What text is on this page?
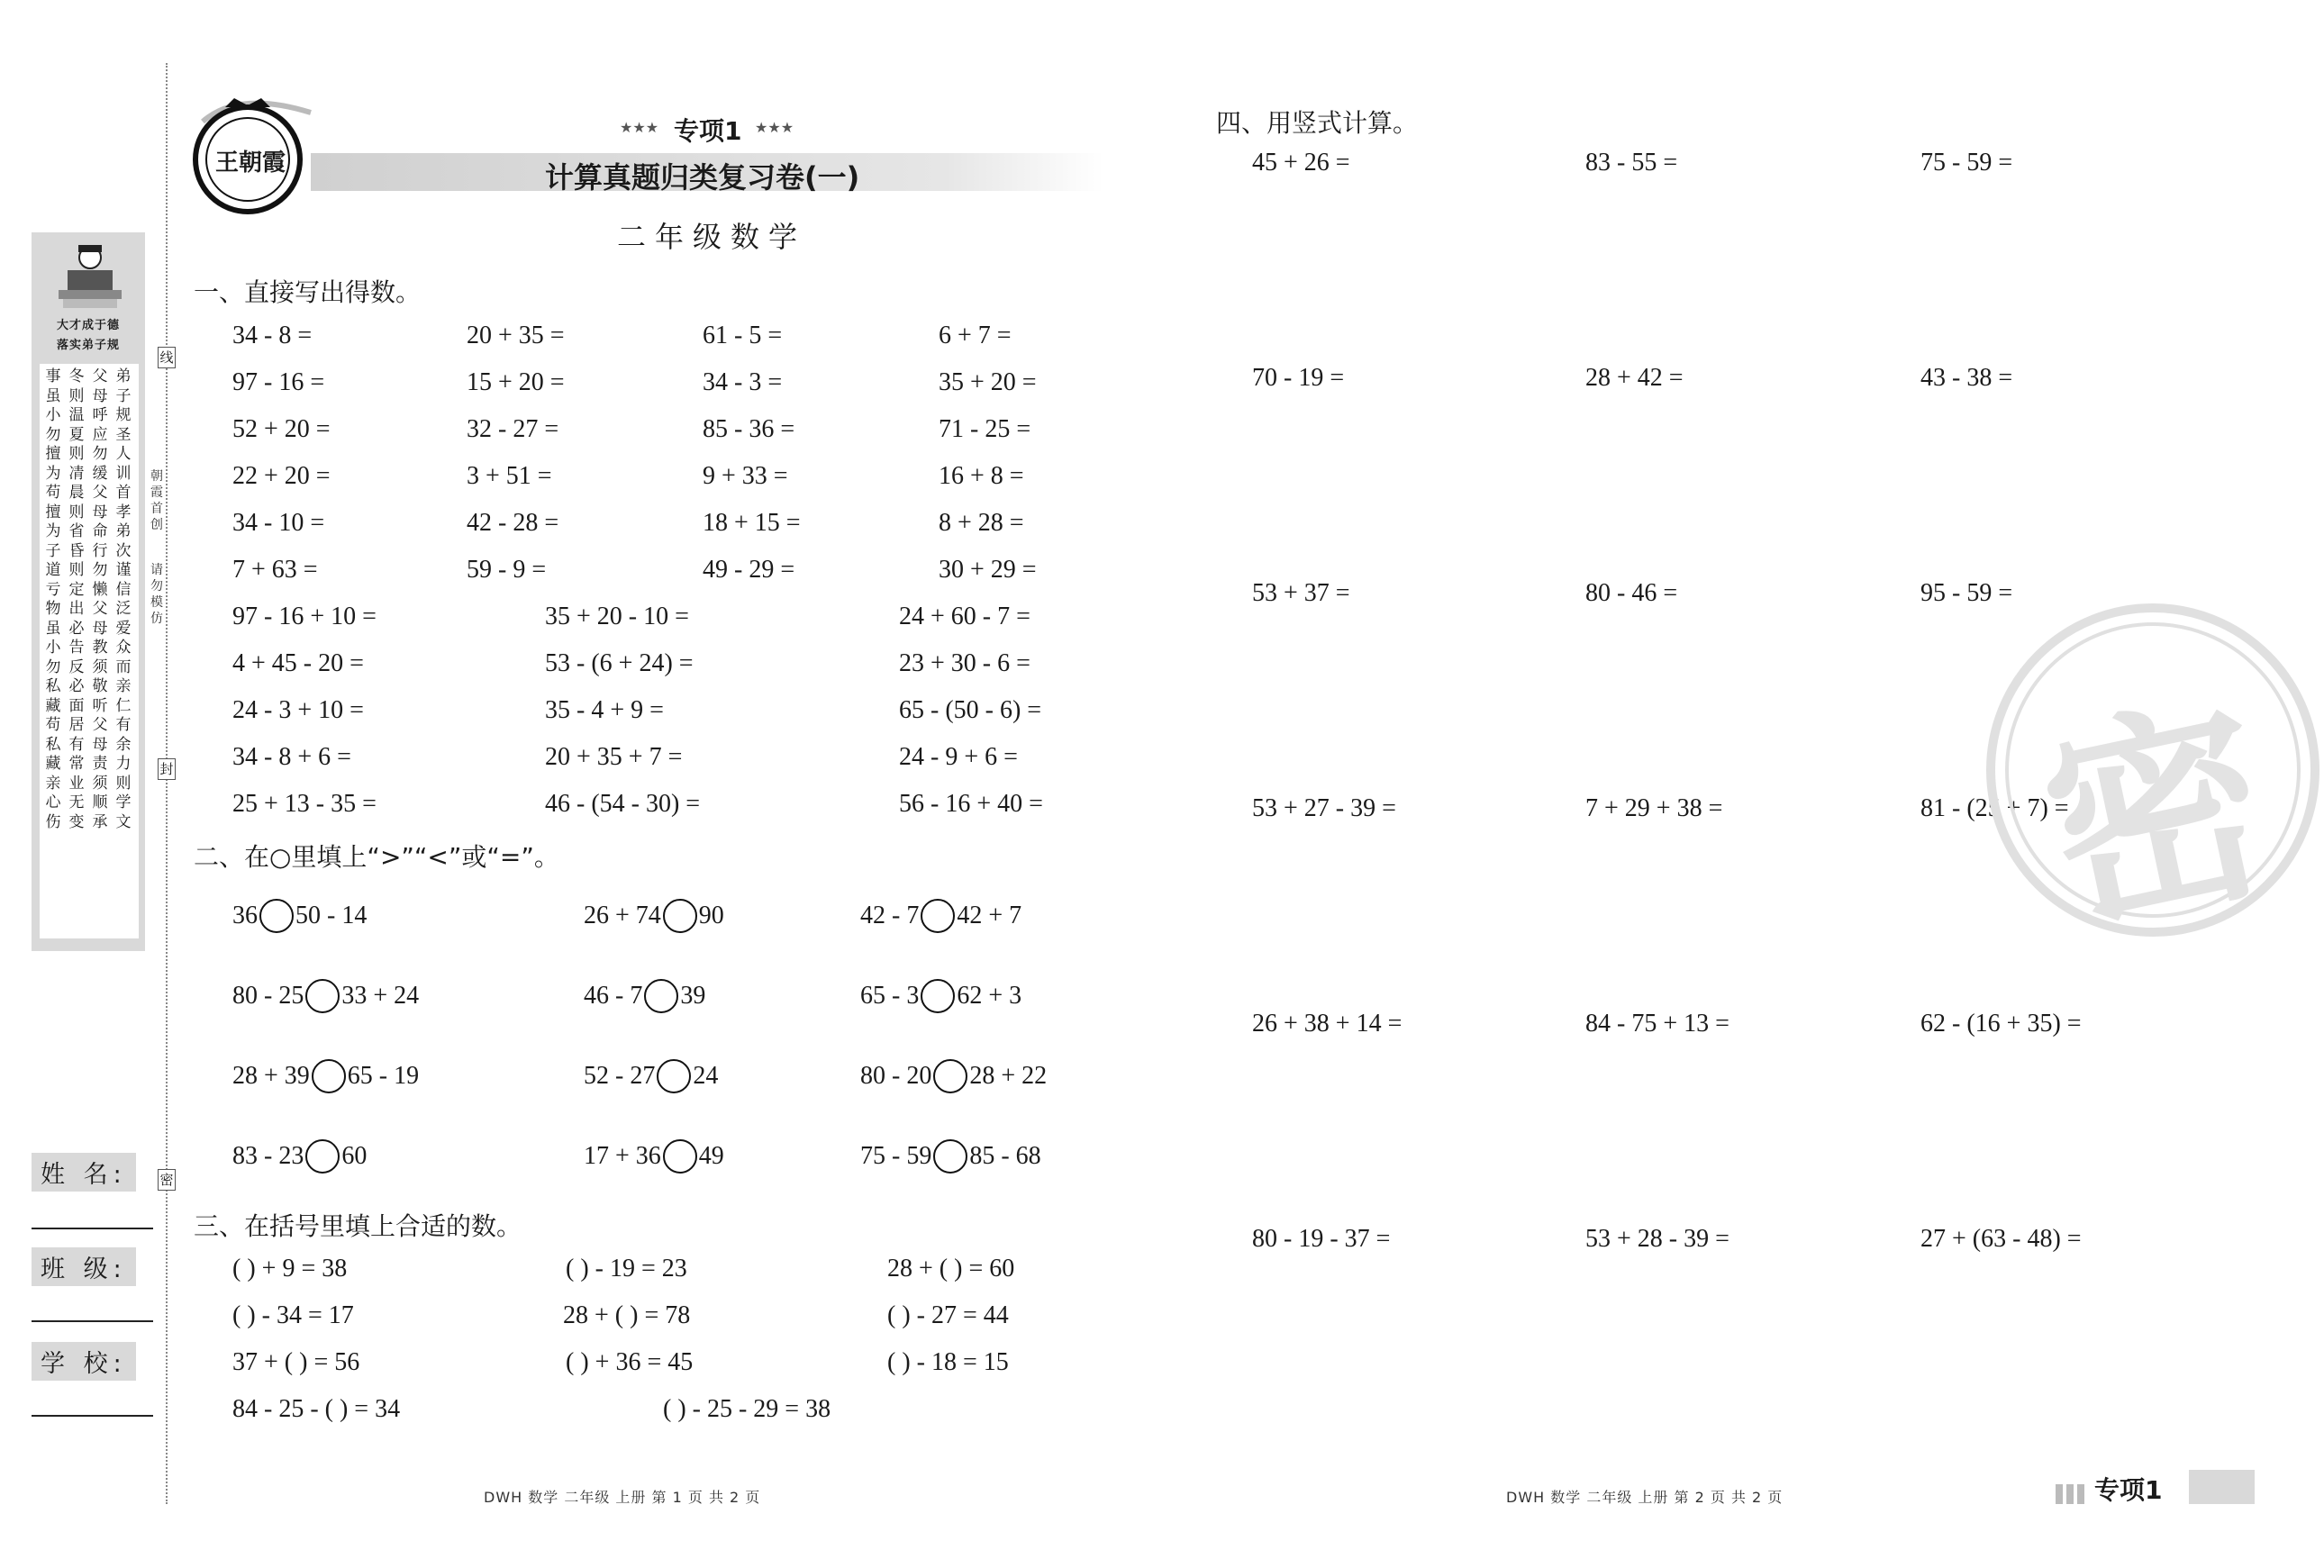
大才成于德
落实弟子规
弟子规圣人训首孝弟次谨信泛爱众而亲仁有余力则学文
父母呼应勿缓父母命行勿懒父母教须敬听父母责须顺承
冬则温夏则凊晨则省昏则定出必告反必面居有常业无变
事虽小勿擅为苟擅为子道亏物虽小勿私藏苟私藏亲心伤
线
封
密
朝霞首创
请勿模仿
姓 名:
班 级:
学 校:
王朝霞
★★★ 专项1 ★★★
计算真题归类复习卷(一)
二年级数学
一、直接写出得数。
34 - 8 =	20 + 35 =	61 - 5 =	6 + 7 =
97 - 16 =	15 + 20 =	34 - 3 =	35 + 20 =
52 + 20 =	32 - 27 =	85 - 36 =	71 - 25 =
22 + 20 =	3 + 51 =	9 + 33 =	16 + 8 =
34 - 10 =	42 - 28 =	18 + 15 =	8 + 28 =
7 + 63 =	59 - 9 =	49 - 29 =	30 + 29 =
97 - 16 + 10 =	35 + 20 - 10 =	24 + 60 - 7 =
4 + 45 - 20 =	53 - (6 + 24) =	23 + 30 - 6 =
24 - 3 + 10 =	35 - 4 + 9 =	65 - (50 - 6) =
34 - 8 + 6 =	20 + 35 + 7 =	24 - 9 + 6 =
25 + 13 - 35 =	46 - (54 - 30) =	56 - 16 + 40 =
二、在○里填上“>”“<”或“=”。
36 50 - 14	26 + 74 90	42 - 7 42 + 7
80 - 25 33 + 24	46 - 7 39	65 - 3 62 + 3
28 + 39 65 - 19	52 - 27 24	80 - 20 28 + 22
83 - 23 60	17 + 36 49	75 - 59 85 - 68
三、在括号里填上合适的数。
( ) + 9 = 38	( ) - 19 = 23	28 + ( ) = 60
( ) - 34 = 17	28 + ( ) = 78	( ) - 27 = 44
37 + ( ) = 56	( ) + 36 = 45	( ) - 18 = 15
84 - 25 - ( ) = 34	( ) - 25 - 29 = 38
四、用竖式计算。
45 + 26 =	83 - 55 =	75 - 59 =
70 - 19 =	28 + 42 =	43 - 38 =
53 + 37 =	80 - 46 =	95 - 59 =
53 + 27 - 39 =	7 + 29 + 38 =	81 - (25 + 7) =
26 + 38 + 14 =	84 - 75 + 13 =	62 - (16 + 35) =
80 - 19 - 37 =	53 + 28 - 39 =	27 + (63 - 48) =
密
DWH 数学 二年级 上册 第 1 页 共 2 页	DWH 数学 二年级 上册 第 2 页 共 2 页	专项1
